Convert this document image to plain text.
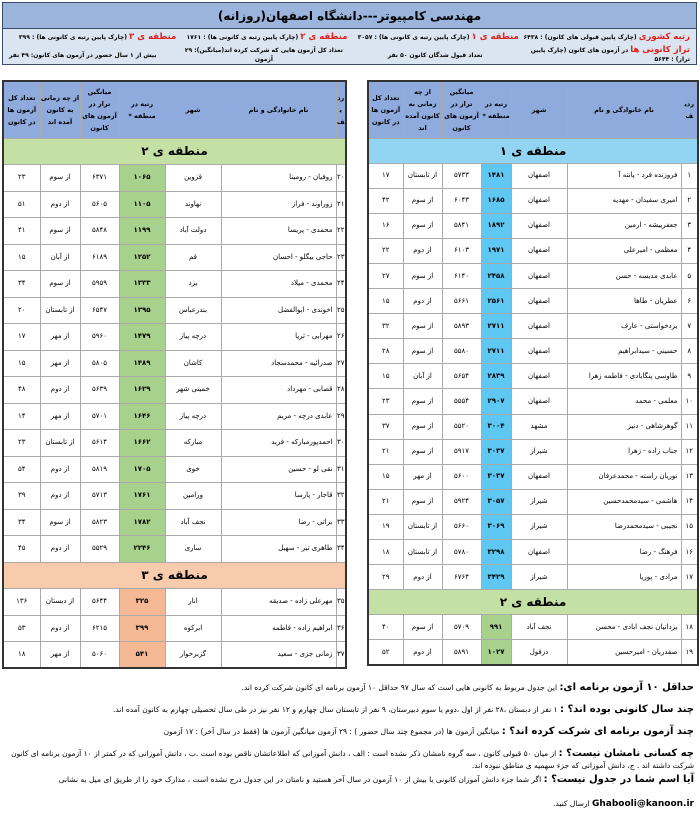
مهندسی کامپیوتر---دانشگاه اصفهان(روزانه)
رتبه کشوری (چارک پایین قبولی های کانون) : ۶۴۳۸
منطقه ی ۱ (چارک پایین رتبه ی کانونی ها) : ۳۰۵۷
منطقه ی ۲ (چارک پایین رتبه ی کانونی ها) : ۱۷۶۱
منطقه ی ۳ (چارک پایین رتبه ی کانونی ها) : ۳۹۹
تراز کانونی ها در آزمون های کانون (چارک پایین تراز) : ۵۶۴۴
تعداد قبول شدگان کانون ۵۰ نفر
تعداد کل آزمون هایی که شرکت کرده اند(میانگین): ۲۹ آزمون
بیش از ۱ سال حضور در آزمون های کانون: ۴۹ نفر
ردیف	نام خانوادگی و نام	شهر	رتبه در منطقه *	میانگین تراز در آزمون های کانون	از چه زمانی به کانون آمده اند	تعداد کل آزمون ها در کانون
منطقه ی ۱						
۱	فروزنده فرد - پانته آ	اصفهان	۱۴۸۱	۵۷۳۳	از تابستان	۱۷
۲	امیری سفیدان - مهدیه	اصفهان	۱۶۸۵	۶۰۴۳	از سوم	۴۲
۳	جعفرپیشه - ارمین	اصفهان	۱۸۹۲	۵۸۴۱	از سوم	۱۶
۴	معظمی - امیرعلی	اصفهان	۱۹۷۱	۶۱۰۳	از دوم	۲۲
۵	عابدی مدیسه - حسن	اصفهان	۲۴۵۸	۶۱۴۰	از سوم	۲۷
۶	عطریان - طاها	اصفهان	۲۵۶۱	۵۶۶۱	از دوم	۱۵
۷	یزدخواستی - عارف	اصفهان	۲۷۱۱	۵۸۹۳	از سوم	۳۲
۸	حسینی - سیدابراهیم	اصفهان	۲۷۱۱	۵۵۸۰	از سوم	۲۸
۹	طاوسی پنگابادی - فاطمه زهرا	اصفهان	۲۸۳۹	۵۶۵۴	از آبان	۱۵
۱۰	معلمی - محمد	اصفهان	۲۹۰۷	۵۵۵۴	از سوم	۲۳
۱۱	گوهرشاهی - دنیز	مشهد	۳۰۰۴	۵۵۲۰	از سوم	۳۷
۱۲	جناب زاده - زهرا	شیراز	۳۰۳۷	۵۹۱۷	از سوم	۲۱
۱۳	نوریان راسته - محمدعرفان	اصفهان	۳۰۳۷	۵۶۰۰	از مهر	۱۵
۱۴	هاشمی - سیدمحمدحسین	شیراز	۳۰۵۷	۵۹۲۴	از سوم	۲۱
۱۵	نجیبی - سیدمحمدرضا	شیراز	۳۰۶۹	۵۶۶۰	از تابستان	۱۹
۱۶	فرهنگ - رضا	اصفهان	۳۲۹۸	۵۷۸۰	از تابستان	۱۸
۱۷	مرادی - پوریا	شیراز	۳۴۲۹	۶۷۶۴	از دوم	۲۹
منطقه ی ۲						
۱۸	یزدانیان نجف ابادی - محسن	نجف آباد	۹۹۱	۵۷۰۹	از سوم	۴۰
۱۹	صفدریان - امیرحسین	دزفول	۱۰۲۷	۵۸۹۱	از دوم	۵۲
ردیف	نام خانوادگی و نام	شهر	رتبه در منطقه *	میانگین تراز در آزمون های کانون	از چه زمانی به کانون آمده اند	تعداد کل آزمون ها در کانون
منطقه ی ۲						
۲۰	روفیان - رومینا	قزوین	۱۰۶۵	۶۳۷۱	از سوم	۲۳
۲۱	زوراوند - فراز	نهاوند	۱۱۰۵	۵۶۰۵	از دوم	۵۱
۲۲	محمدی - پریسا	دولت آباد	۱۱۹۹	۵۸۴۸	از سوم	۴۱
۲۳	حاجی بیگلو - احسان	قم	۱۲۵۲	۶۱۸۹	از آبان	۱۵
۲۴	محمدی - میلاد	یزد	۱۳۳۳	۵۹۵۹	از سوم	۳۴
۲۵	اخوندی - ابوالفضل	بندرعباس	۱۳۹۵	۶۵۴۷	از تابستان	۲۰
۲۶	مهرابی - ثریا	درچه پیاز	۱۴۷۹	۵۹۶۰	از مهر	۱۷
۲۷	صدرائیه - محمدسجاد	کاشان	۱۴۸۹	۵۸۰۵	از مهر	۱۵
۲۸	قصابی - مهرداد	خمینی شهر	۱۶۲۹	۵۶۳۹	از دوم	۴۸
۲۹	عابدی درچه - مریم	درچه پیاز	۱۶۴۶	۵۷۰۱	از مهر	۱۴
۳۰	احمدپورمبارکه - فرید	مبارکه	۱۶۶۲	۵۶۱۴	از تابستان	۲۳
۳۱	نقی لو - حسین	خوی	۱۷۰۵	۵۸۱۹	از دوم	۵۴
۳۲	قاجار - پارسا	ورامین	۱۷۶۱	۵۷۱۳	از دوم	۳۹
۳۳	براتی - رضا	نجف آباد	۱۷۸۲	۵۸۲۳	از سوم	۳۴
۳۴	طاهری تیر - سهیل	ساری	۲۲۴۶	۵۵۲۹	از دوم	۴۵
منطقه ی ۳						
۳۵	مهرعلی زاده - صدیقه	انار	۳۲۵	۵۶۴۴	از دبستان	۱۳۶
۳۶	ابراهیم زاده - فاطمه	ابرکوه	۳۹۹	۶۲۱۵	از دوم	۵۳
۳۷	زمانی جزی - سعید	گزبرخوار	۵۴۱	۵۰۶۰	از مهر	۱۸

حداقل ۱۰ آزمون برنامه ای: این جدول مربوط به کانونی هایی است که سال ۹۷ حداقل ۱۰ آزمون برنامه ای کانون شرکت کرده اند.

چند سال کانونی بوده اند؟ : ۱ نفر از دبستان ،۲۸ نفر از اول ،دوم یا سوم دبیرستان، ۹ نفر از تابستان سال چهارم و ۱۲ نفر نیز در طی سال تحصیلی چهارم به کانون آمده اند.

چند آزمون برنامه ای شرکت کرده اند؟ : میانگین آزمون ها (در مجموع چند سال حضور ) : ۲۹ آزمون میانگین آزمون ها (فقط در سال آخر) : ۱۷ آزمون

چه کسانی نامشان نیست؟ : از میان ۵۰ قبولی کانون ، سه گروه نامشان ذکر نشده است : الف ، دانش آموزانی که اطلاعاتشان ناقص بوده است .ب ، دانش آموزانی که در کمتر از ۱۰ آزمون برنامه ای کانون شرکت داشته اند . ج، دانش آموزانی که جزء سهمیه ی مناطق نبوده اند.

آیا اسم شما در جدول نیست؟ : اگر شما جزء دانش آموزان کانونی با بیش از ۱۰ آزمون در سال آخر هستید و نامتان در این جدول درج نشده است ، مدارک خود را از طریق ای میل به نشانی

Ghabooli@kanoon.ir ارسال کنید.
